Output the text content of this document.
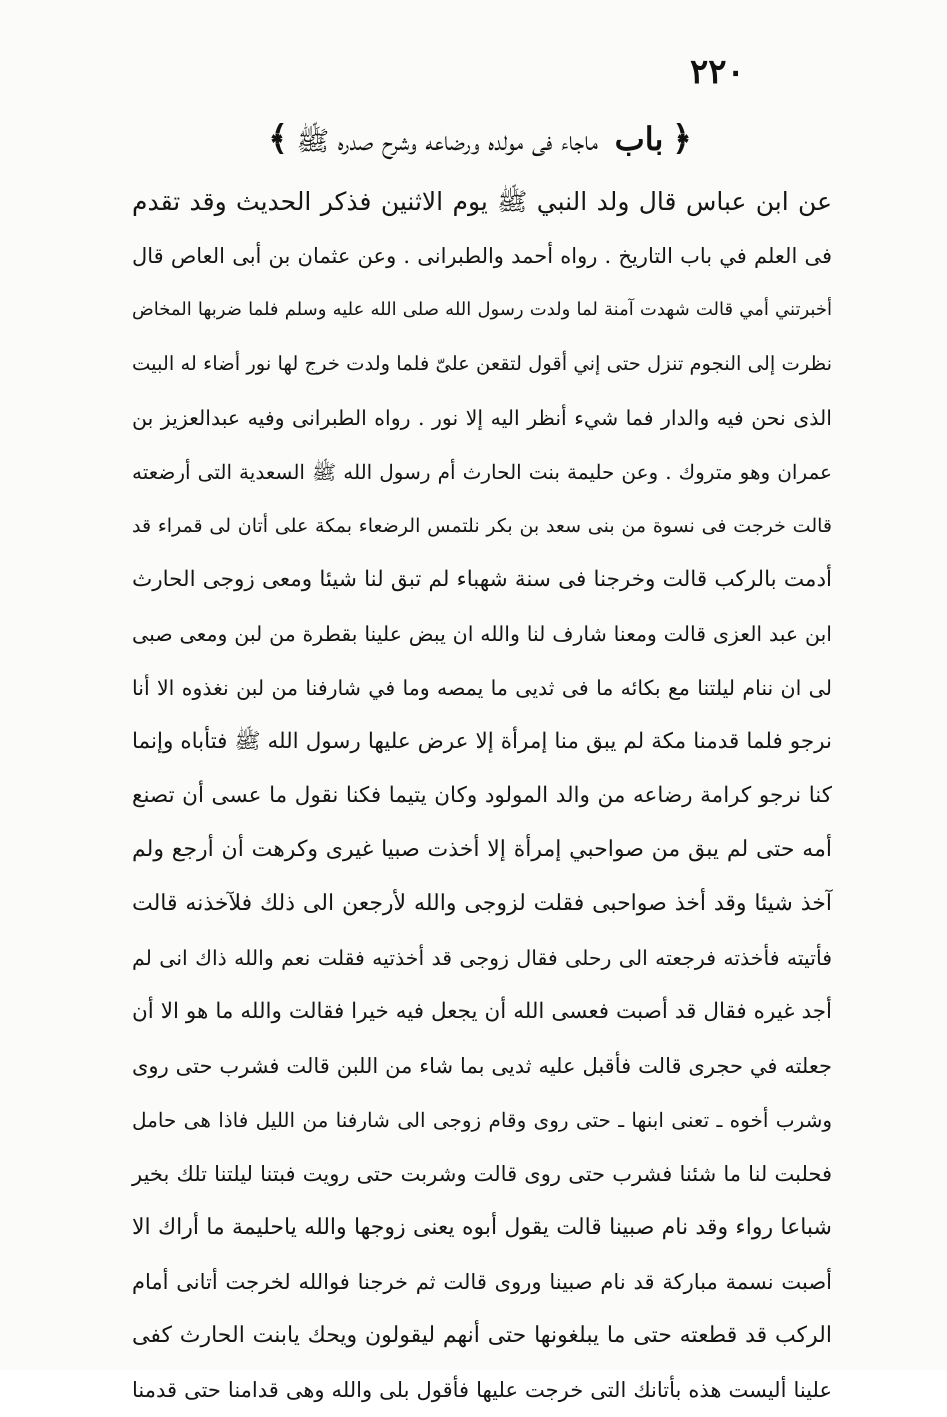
٢٢٠
﴿ باب ماجاء فى مولده ورضاعه وشرح صدره ﷺ ﴾
عن ابن عباس قال ولد النبي ﷺ يوم الاثنين فذكر الحديث وقد تقدم
فى العلم في باب التاريخ . رواه أحمد والطبرانى . وعن عثمان بن أبى العاص قال
أخبرتني أمي قالت شهدت آمنة لما ولدت رسول الله صلى الله عليه وسلم فلما ضربها المخاض
نظرت إلى النجوم تنزل حتى إني أقول لتقعن علىّ فلما ولدت خرج لها نور أضاء له البيت
الذى نحن فيه والدار فما شيء أنظر اليه إلا نور . رواه الطبرانى وفيه عبدالعزيز بن
عمران وهو متروك . وعن حليمة بنت الحارث أم رسول الله ﷺ السعدية التى أرضعته
قالت خرجت فى نسوة من بنى سعد بن بكر نلتمس الرضعاء بمكة على أتان لى قمراء قد
أدمت بالركب قالت وخرجنا فى سنة شهباء لم تبق لنا شيئا ومعى زوجى الحارث
ابن عبد العزى قالت ومعنا شارف لنا والله ان يبض علينا بقطرة من لبن ومعى صبى
لى ان ننام ليلتنا مع بكائه ما فى ثديى ما يمصه وما في شارفنا من لبن نغذوه الا أنا
نرجو فلما قدمنا مكة لم يبق منا إمرأة إلا عرض عليها رسول الله ﷺ فتأباه وإنما
كنا نرجو كرامة رضاعه من والد المولود وكان يتيما فكنا نقول ما عسى أن تصنع
أمه حتى لم يبق من صواحبي إمرأة إلا أخذت صبيا غيرى وكرهت أن أرجع ولم
آخذ شيئا وقد أخذ صواحبى فقلت لزوجى والله لأرجعن الى ذلك فلآخذنه قالت
فأتيته فأخذته فرجعته الى رحلى فقال زوجى قد أخذتيه فقلت نعم والله ذاك انى لم
أجد غيره فقال قد أصبت فعسى الله أن يجعل فيه خيرا فقالت والله ما هو الا أن
جعلته في حجرى قالت فأقبل عليه ثديى بما شاء من اللبن قالت فشرب حتى روى
وشرب أخوه ـ تعنى ابنها ـ حتى روى وقام زوجى الى شارفنا من الليل فاذا هى حامل
فحلبت لنا ما شئنا فشرب حتى روى قالت وشربت حتى رويت فبتنا ليلتنا تلك بخير
شباعا رواء وقد نام صبينا قالت يقول أبوه يعنى زوجها والله ياحليمة ما أراك الا
أصبت نسمة مباركة قد نام صبينا وروى قالت ثم خرجنا فوالله لخرجت أتانى أمام
الركب قد قطعته حتى ما يبلغونها حتى أنهم ليقولون ويحك يابنت الحارث كفى
علينا أليست هذه بأتانك التى خرجت عليها فأقول بلى والله وهى قدامنا حتى قدمنا
